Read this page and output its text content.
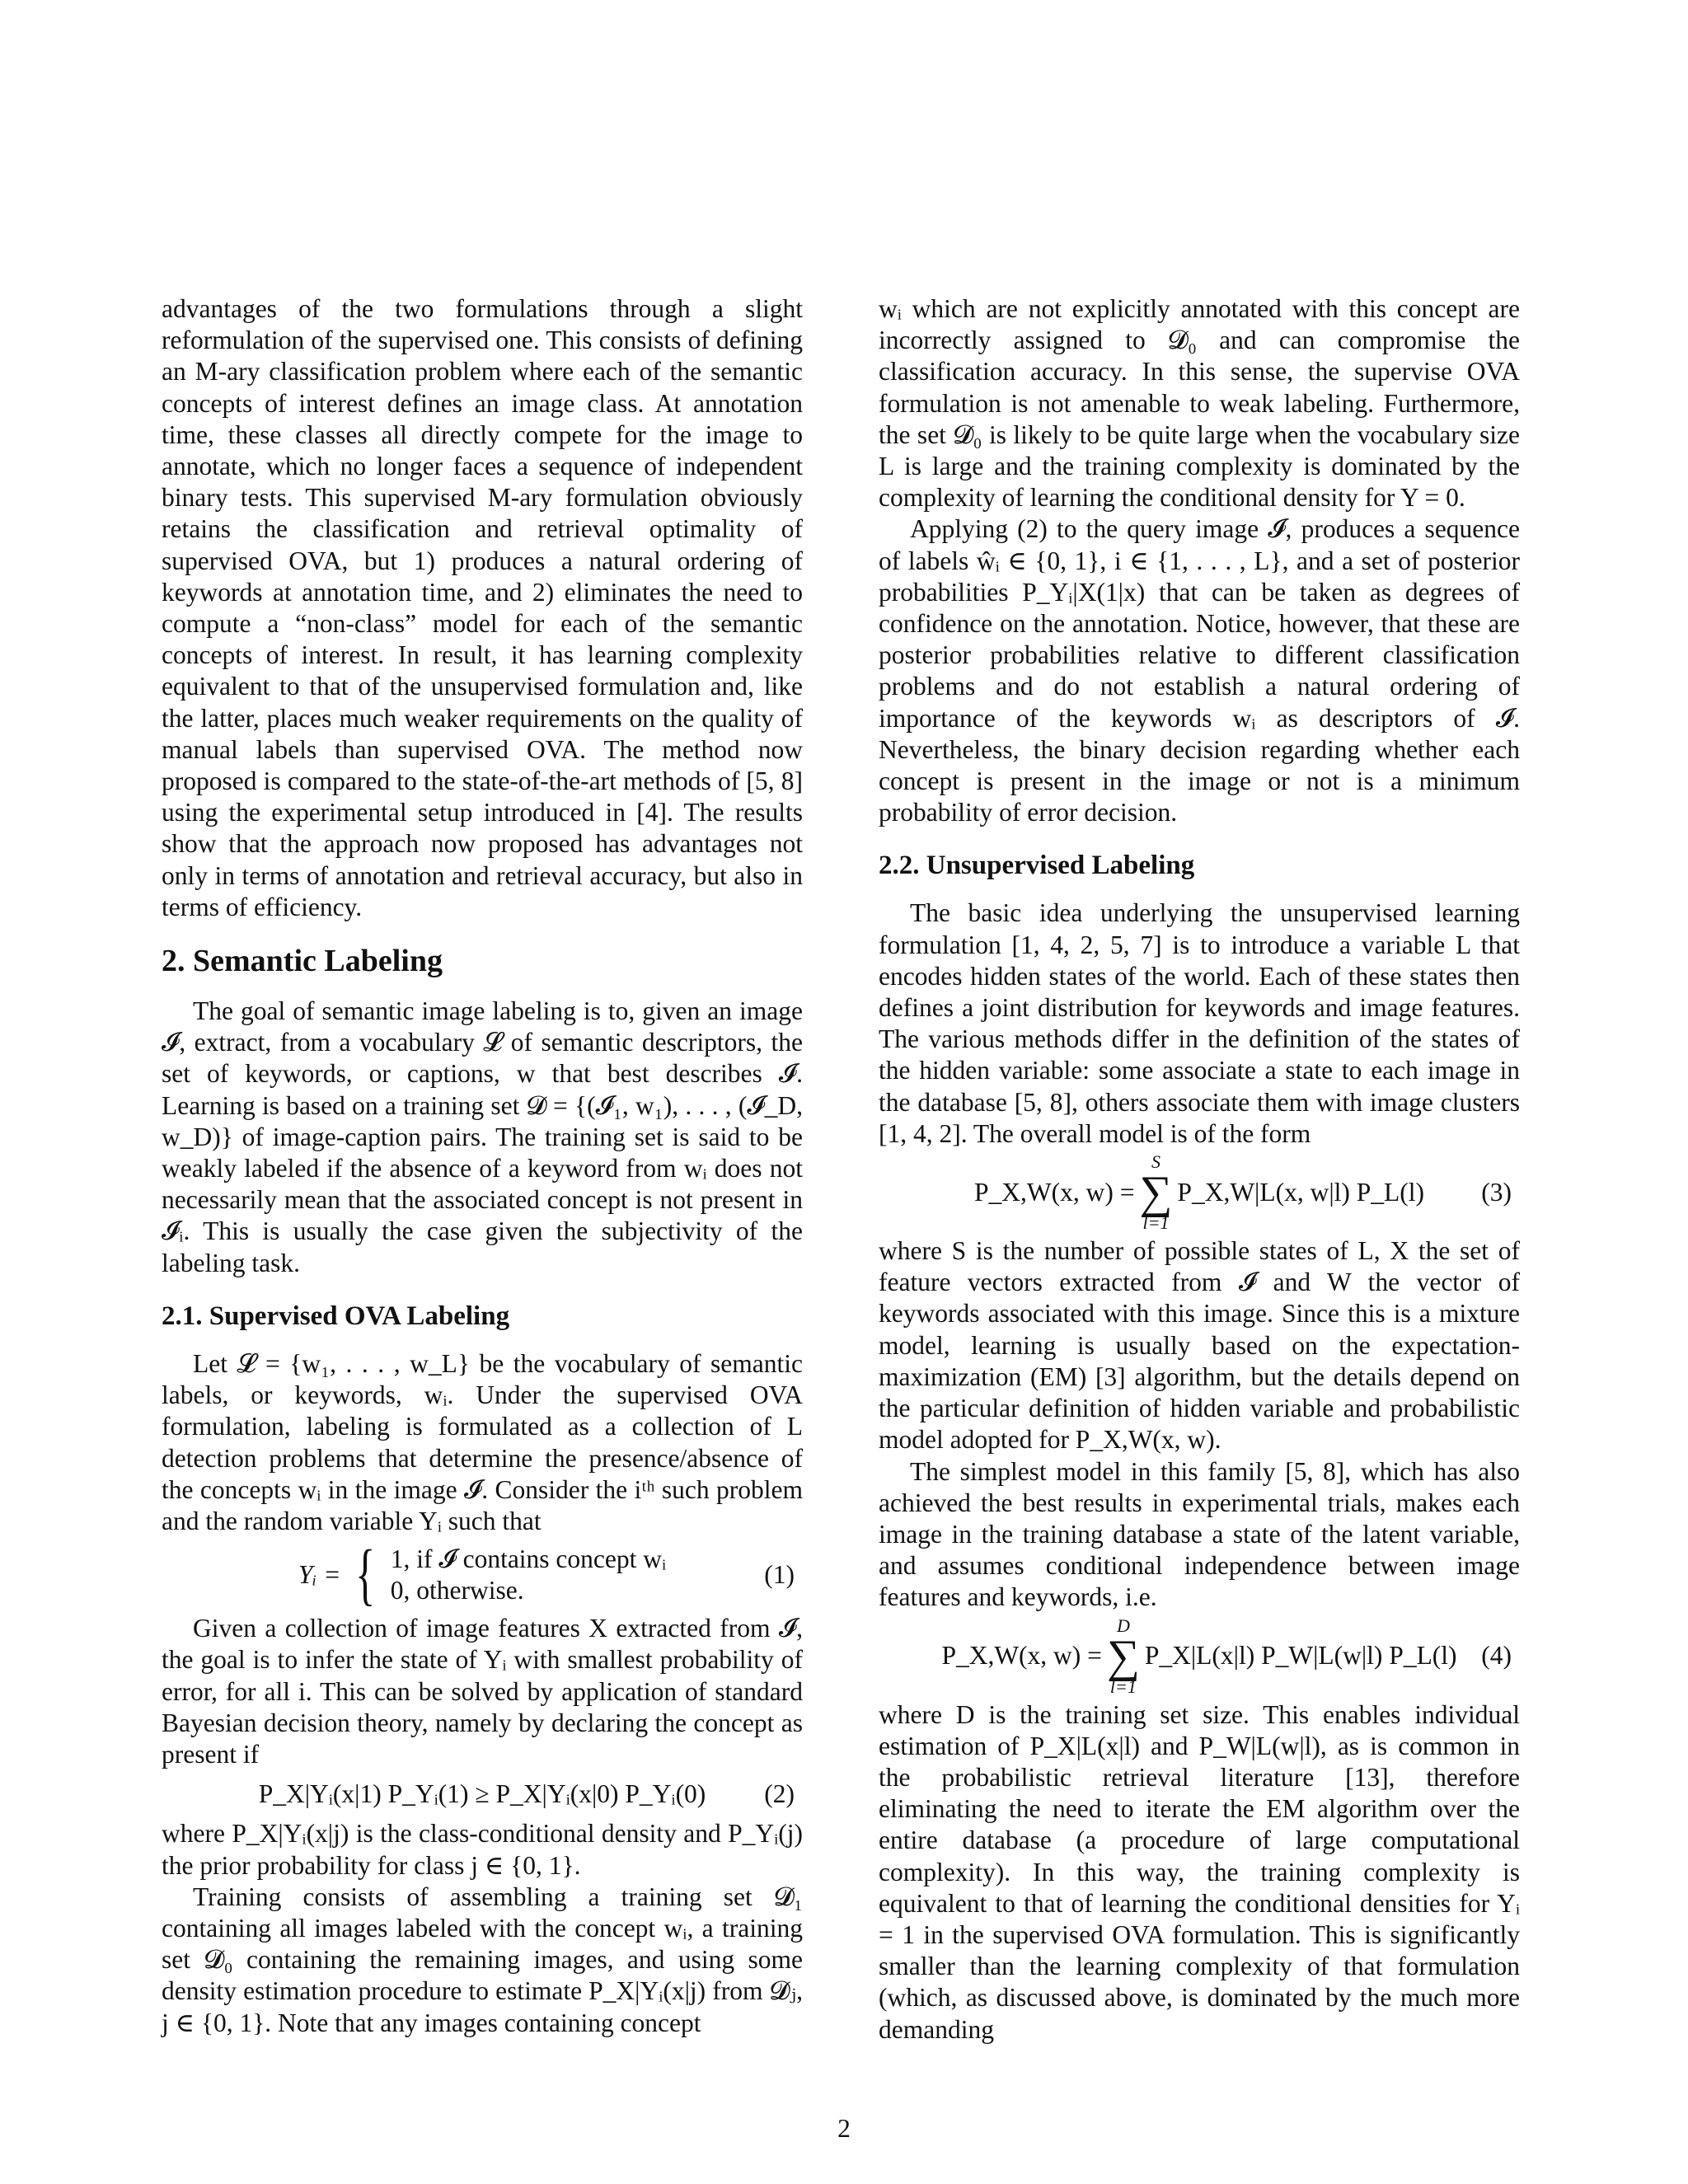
advantages of the two formulations through a slight reformulation of the supervised one. This consists of defining an M-ary classification problem where each of the semantic concepts of interest defines an image class. At annotation time, these classes all directly compete for the image to annotate, which no longer faces a sequence of independent binary tests. This supervised M-ary formulation obviously retains the classification and retrieval optimality of supervised OVA, but 1) produces a natural ordering of keywords at annotation time, and 2) eliminates the need to compute a “non-class” model for each of the semantic concepts of interest. In result, it has learning complexity equivalent to that of the unsupervised formulation and, like the latter, places much weaker requirements on the quality of manual labels than supervised OVA. The method now proposed is compared to the state-of-the-art methods of [5, 8] using the experimental setup introduced in [4]. The results show that the approach now proposed has advantages not only in terms of annotation and retrieval accuracy, but also in terms of efficiency.

2. Semantic Labeling

The goal of semantic image labeling is to, given an image 𝓘, extract, from a vocabulary 𝓛 of semantic descriptors, the set of keywords, or captions, w that best describes 𝓘. Learning is based on a training set 𝓓 = {(𝓘₁, w₁), . . . , (𝓘_D, w_D)} of image-caption pairs. The training set is said to be weakly labeled if the absence of a keyword from wᵢ does not necessarily mean that the associated concept is not present in 𝓘ᵢ. This is usually the case given the subjectivity of the labeling task.

2.1. Supervised OVA Labeling

Let 𝓛 = {w₁, . . . , w_L} be the vocabulary of semantic labels, or keywords, wᵢ. Under the supervised OVA formulation, labeling is formulated as a collection of L detection problems that determine the presence/absence of the concepts wᵢ in the image 𝓘. Consider the iᵗʰ such problem and the random variable Yᵢ such that

Yᵢ = { 1, if 𝓘 contains concept wᵢ
0, otherwise.
(1)

Given a collection of image features X extracted from 𝓘, the goal is to infer the state of Yᵢ with smallest probability of error, for all i. This can be solved by application of standard Bayesian decision theory, namely by declaring the concept as present if

P_X|Yᵢ(x|1) P_Yᵢ(1) ≥ P_X|Yᵢ(x|0) P_Yᵢ(0) (2)

where P_X|Yᵢ(x|j) is the class-conditional density and P_Yᵢ(j) the prior probability for class j ∈ {0, 1}.

Training consists of assembling a training set 𝓓₁ containing all images labeled with the concept wᵢ, a training set 𝓓₀ containing the remaining images, and using some density estimation procedure to estimate P_X|Yᵢ(x|j) from 𝓓ⱼ, j ∈ {0, 1}. Note that any images containing concept

wᵢ which are not explicitly annotated with this concept are incorrectly assigned to 𝓓₀ and can compromise the classification accuracy. In this sense, the supervise OVA formulation is not amenable to weak labeling. Furthermore, the set 𝓓₀ is likely to be quite large when the vocabulary size L is large and the training complexity is dominated by the complexity of learning the conditional density for Y = 0.

Applying (2) to the query image 𝓘, produces a sequence of labels ŵᵢ ∈ {0, 1}, i ∈ {1, . . . , L}, and a set of posterior probabilities P_Yᵢ|X(1|x) that can be taken as degrees of confidence on the annotation. Notice, however, that these are posterior probabilities relative to different classification problems and do not establish a natural ordering of importance of the keywords wᵢ as descriptors of 𝓘. Nevertheless, the binary decision regarding whether each concept is present in the image or not is a minimum probability of error decision.

2.2. Unsupervised Labeling

The basic idea underlying the unsupervised learning formulation [1, 4, 2, 5, 7] is to introduce a variable L that encodes hidden states of the world. Each of these states then defines a joint distribution for keywords and image features. The various methods differ in the definition of the states of the hidden variable: some associate a state to each image in the database [5, 8], others associate them with image clusters [1, 4, 2]. The overall model is of the form

P_X,W(x, w) =
S
∑
l=1
P_X,W|L(x, w|l) P_L(l) (3)

where S is the number of possible states of L, X the set of feature vectors extracted from 𝓘 and W the vector of keywords associated with this image. Since this is a mixture model, learning is usually based on the expectation-maximization (EM) [3] algorithm, but the details depend on the particular definition of hidden variable and probabilistic model adopted for P_X,W(x, w).

The simplest model in this family [5, 8], which has also achieved the best results in experimental trials, makes each image in the training database a state of the latent variable, and assumes conditional independence between image features and keywords, i.e.

P_X,W(x, w) =
D
∑
l=1
P_X|L(x|l) P_W|L(w|l) P_L(l) (4)

where D is the training set size. This enables individual estimation of P_X|L(x|l) and P_W|L(w|l), as is common in the probabilistic retrieval literature [13], therefore eliminating the need to iterate the EM algorithm over the entire database (a procedure of large computational complexity). In this way, the training complexity is equivalent to that of learning the conditional densities for Yᵢ = 1 in the supervised OVA formulation. This is significantly smaller than the learning complexity of that formulation (which, as discussed above, is dominated by the much more demanding

2
